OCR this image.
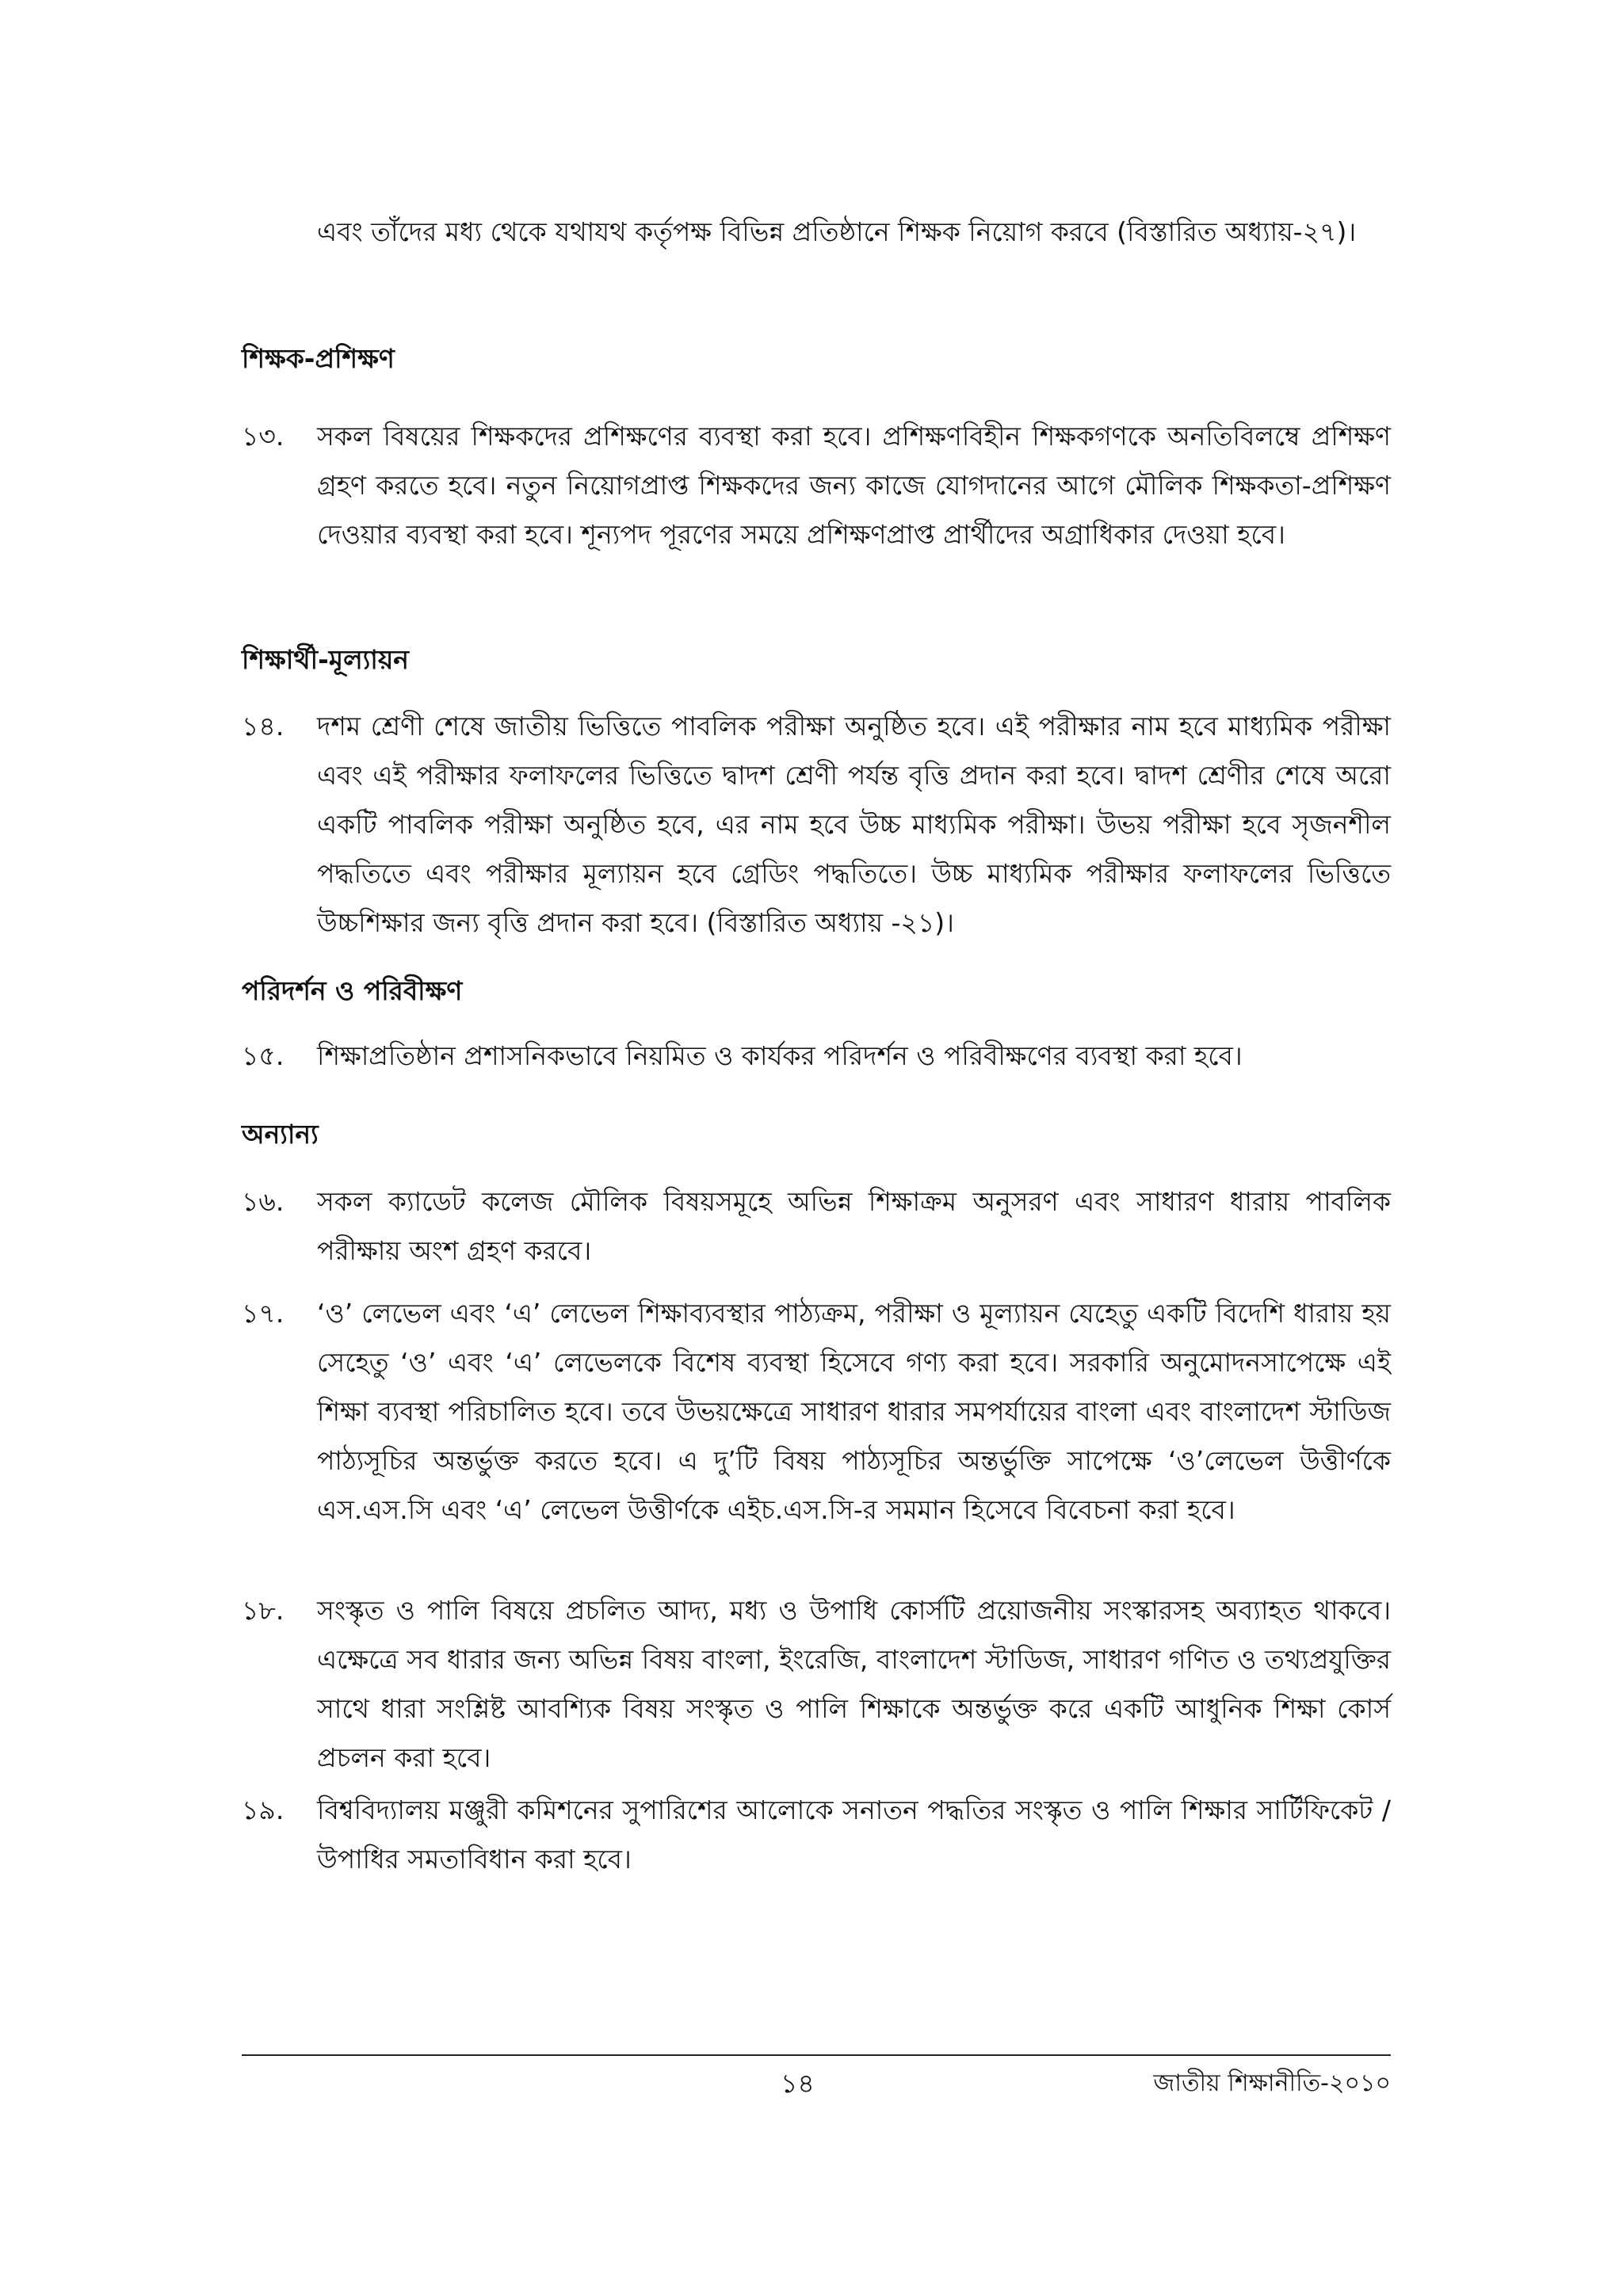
এবং তাঁদের মধ্য থেকে যথাযথ কর্তৃপক্ষ বিভিন্ন প্রতিষ্ঠানে শিক্ষক নিয়োগ করবে (বিস্তারিত অধ্যায়-২৭)।

শিক্ষক-প্রশিক্ষণ
১৩. সকল বিষয়ের শিক্ষকদের প্রশিক্ষণের ব্যবস্থা করা হবে। প্রশিক্ষণবিহীন শিক্ষকগণকে অনতিবিলম্বে প্রশিক্ষণ গ্রহণ করতে হবে। নতুন নিয়োগপ্রাপ্ত শিক্ষকদের জন্য কাজে যোগদানের আগে মৌলিক শিক্ষকতা-প্রশিক্ষণ দেওয়ার ব্যবস্থা করা হবে। শূন্যপদ পূরণের সময়ে প্রশিক্ষণপ্রাপ্ত প্রার্থীদের অগ্রাধিকার দেওয়া হবে।
শিক্ষার্থী-মূল্যায়ন
১৪. দশম শ্রেণী শেষে জাতীয় ভিত্তিতে পাবলিক পরীক্ষা অনুষ্ঠিত হবে। এই পরীক্ষার নাম হবে মাধ্যমিক পরীক্ষা এবং এই পরীক্ষার ফলাফলের ভিত্তিতে দ্বাদশ শ্রেণী পর্যন্ত বৃত্তি প্রদান করা হবে। দ্বাদশ শ্রেণীর শেষে অরো একটি পাবলিক পরীক্ষা অনুষ্ঠিত হবে, এর নাম হবে উচ্চ মাধ্যমিক পরীক্ষা। উভয় পরীক্ষা হবে সৃজনশীল পদ্ধতিতে এবং পরীক্ষার মূল্যায়ন হবে গ্রেডিং পদ্ধতিতে। উচ্চ মাধ্যমিক পরীক্ষার ফলাফলের ভিত্তিতে উচ্চশিক্ষার জন্য বৃত্তি প্রদান করা হবে। (বিস্তারিত অধ্যায় -২১)।
পরিদর্শন ও পরিবীক্ষণ
১৫. শিক্ষাপ্রতিষ্ঠান প্রশাসনিকভাবে নিয়মিত ও কার্যকর পরিদর্শন ও পরিবীক্ষণের ব্যবস্থা করা হবে।
অন্যান্য
১৬. সকল ক্যাডেট কলেজ মৌলিক বিষয়সমূহে অভিন্ন শিক্ষাক্রম অনুসরণ এবং সাধারণ ধারায় পাবলিক পরীক্ষায় অংশ গ্রহণ করবে।
১৭. ‘ও’ লেভেল এবং ‘এ’ লেভেল শিক্ষাব্যবস্থার পাঠ্যক্রম, পরীক্ষা ও মূল্যায়ন যেহেতু একটি বিদেশি ধারায় হয় সেহেতু ‘ও’ এবং ‘এ’ লেভেলকে বিশেষ ব্যবস্থা হিসেবে গণ্য করা হবে। সরকারি অনুমোদনসাপেক্ষে এই শিক্ষা ব্যবস্থা পরিচালিত হবে। তবে উভয়ক্ষেত্রে সাধারণ ধারার সমপর্যায়ের বাংলা এবং বাংলাদেশ স্টাডিজ পাঠ্যসূচির অন্তর্ভুক্ত করতে হবে। এ দু’টি বিষয় পাঠ্যসূচির অন্তর্ভুক্তি সাপেক্ষে ‘ও’লেভেল উত্তীর্ণকে এস.এস.সি এবং ‘এ’ লেভেল উত্তীর্ণকে এইচ.এস.সি-র সমমান হিসেবে বিবেচনা করা হবে।
১৮. সংস্কৃত ও পালি বিষয়ে প্রচলিত আদ্য, মধ্য ও উপাধি কোর্সটি প্রয়োজনীয় সংস্কারসহ অব্যাহত থাকবে। এক্ষেত্রে সব ধারার জন্য অভিন্ন বিষয় বাংলা, ইংরেজি, বাংলাদেশ স্টাডিজ, সাধারণ গণিত ও তথ্যপ্রযুক্তির সাথে ধারা সংশ্লিষ্ট আবশ্যিক বিষয় সংস্কৃত ও পালি শিক্ষাকে অন্তর্ভুক্ত করে একটি আধুনিক শিক্ষা কোর্স প্রচলন করা হবে।
১৯. বিশ্ববিদ্যালয় মঞ্জুরী কমিশনের সুপারিশের আলোকে সনাতন পদ্ধতির সংস্কৃত ও পালি শিক্ষার সার্টিফিকেট / উপাধির সমতাবিধান করা হবে।
১৪	জাতীয় শিক্ষানীতি-২০১০
